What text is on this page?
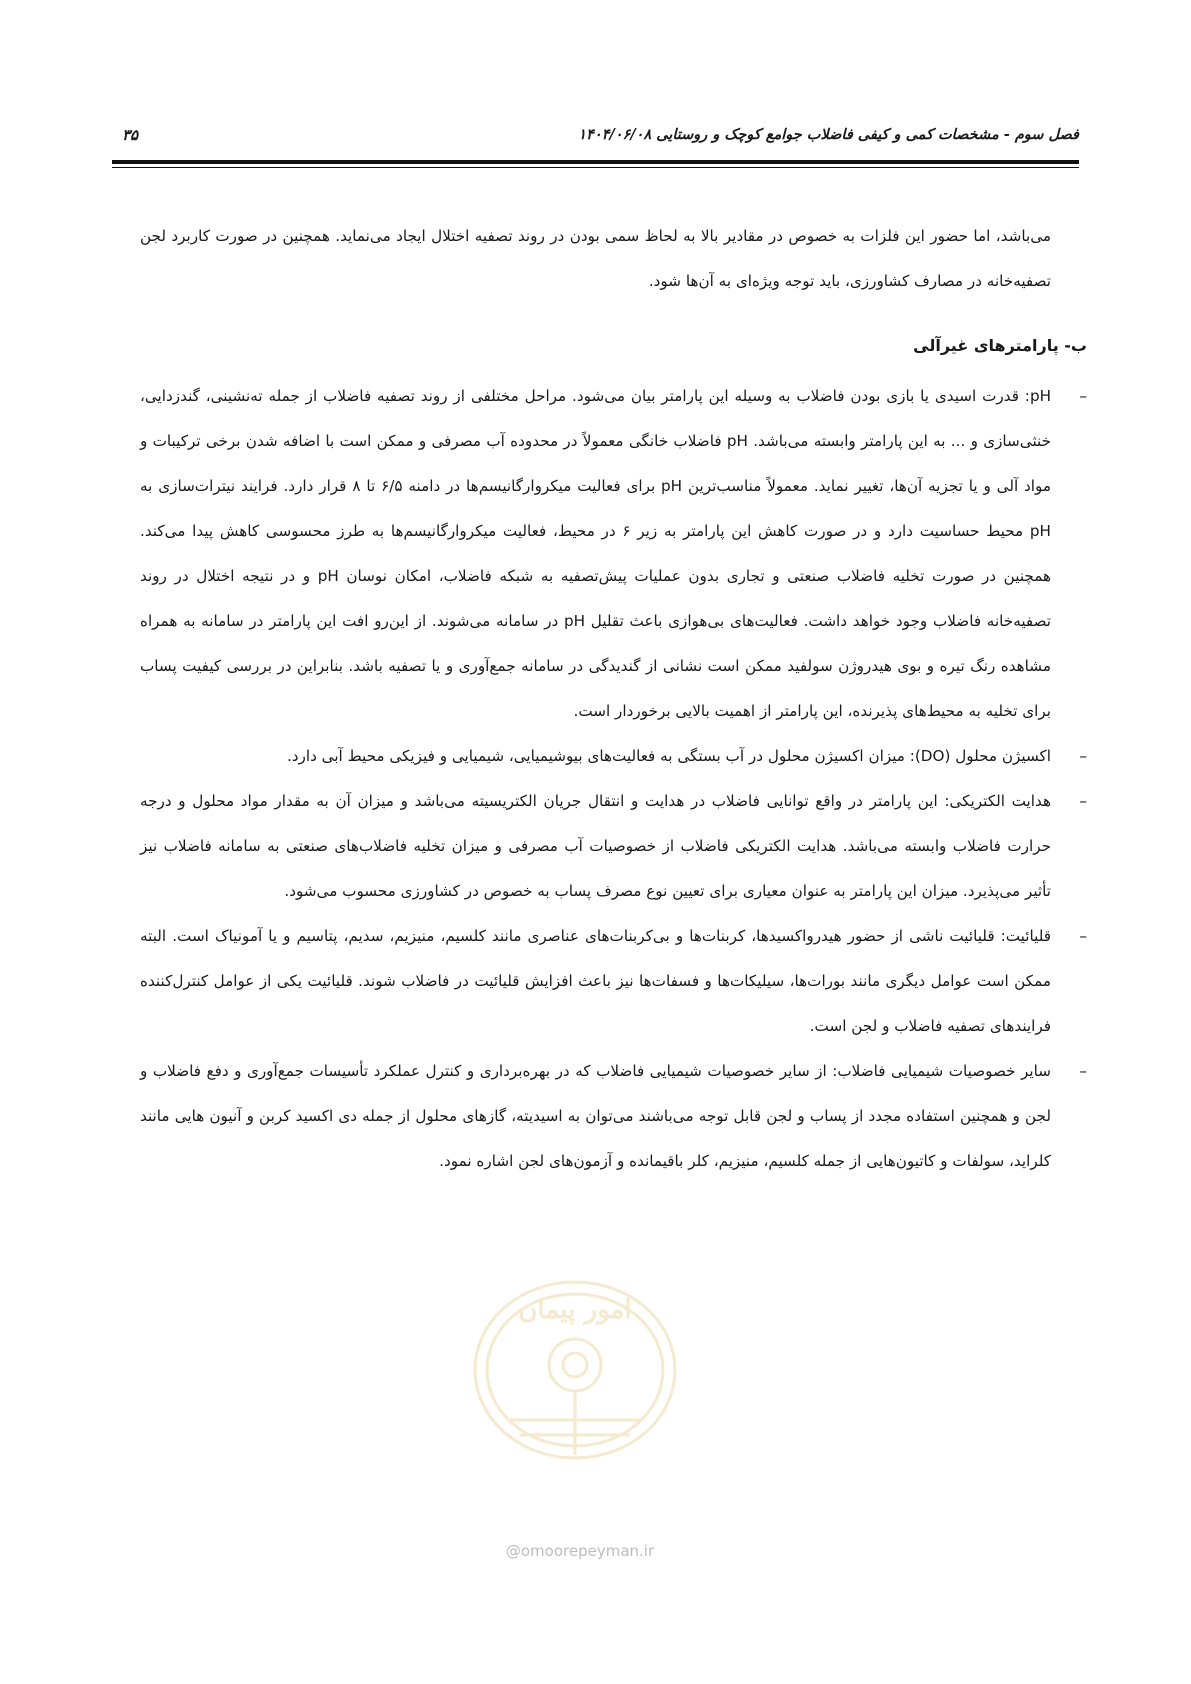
فصل سوم - مشخصات کمی و کیفی فاضلاب جوامع کوچک و روستایی ۱۴۰۴/۰۶/۰۸
۳۵

می‌باشد، اما حضور این فلزات به خصوص در مقادیر بالا به لحاظ سمی بودن در روند تصفیه اختلال ایجاد می‌نماید. همچنین در صورت کاربرد لجن تصفیه‌خانه در مصارف کشاورزی، باید توجه ویژه‌ای به آن‌ها شود.

ب- پارامترهای غیرآلی
–
pH: قدرت اسیدی یا بازی بودن فاضلاب به وسیله این پارامتر بیان می‌شود. مراحل مختلفی از روند تصفیه فاضلاب از جمله ته‌نشینی، گندزدایی، خنثی‌سازی و ... به این پارامتر وابسته می‌باشد. pH فاضلاب خانگی معمولاً در محدوده آب مصرفی و ممکن است با اضافه شدن برخی ترکیبات و مواد آلی و یا تجزیه آن‌ها، تغییر نماید. معمولاً مناسب‌ترین pH برای فعالیت میکروارگانیسم‌ها در دامنه ۶/۵ تا ۸ قرار دارد. فرایند نیترات‌سازی به pH محیط حساسیت دارد و در صورت کاهش این پارامتر به زیر ۶ در محیط، فعالیت میکروارگانیسم‌ها به طرز محسوسی کاهش پیدا می‌کند. همچنین در صورت تخلیه فاضلاب صنعتی و تجاری بدون عملیات پیش‌تصفیه به شبکه فاضلاب، امکان نوسان pH و در نتیجه اختلال در روند تصفیه‌خانه فاضلاب وجود خواهد داشت. فعالیت‌های بی‌هوازی باعث تقلیل pH در سامانه می‌شوند. از این‌رو افت این پارامتر در سامانه به همراه مشاهده رنگ تیره و بوی هیدروژن سولفید ممکن است نشانی از گندیدگی در سامانه جمع‌آوری و یا تصفیه باشد. بنابراین در بررسی کیفیت پساب برای تخلیه به محیط‌های پذیرنده، این پارامتر از اهمیت بالایی برخوردار است.
–
اکسیژن محلول (DO): میزان اکسیژن محلول در آب بستگی به فعالیت‌های بیوشیمیایی، شیمیایی و فیزیکی محیط آبی دارد.
–
هدایت الکتریکی: این پارامتر در واقع توانایی فاضلاب در هدایت و انتقال جریان الکتریسیته می‌باشد و میزان آن به مقدار مواد محلول و درجه حرارت فاضلاب وابسته می‌باشد. هدایت الکتریکی فاضلاب از خصوصیات آب مصرفی و میزان تخلیه فاضلاب‌های صنعتی به سامانه فاضلاب نیز تأثیر می‌پذیرد. میزان این پارامتر به عنوان معیاری برای تعیین نوع مصرف پساب به خصوص در کشاورزی محسوب می‌شود.
–
قلیائیت: قلیائیت ناشی از حضور هیدرواکسیدها، کربنات‌ها و بی‌کربنات‌های عناصری مانند کلسیم، منیزیم، سدیم، پتاسیم و یا آمونیاک است. البته ممکن است عوامل دیگری مانند بورات‌ها، سیلیکات‌ها و فسفات‌ها نیز باعث افزایش قلیائیت در فاضلاب شوند. قلیائیت یکی از عوامل کنترل‌کننده فرایندهای تصفیه فاضلاب و لجن است.
–
سایر خصوصیات شیمیایی فاضلاب: از سایر خصوصیات شیمیایی فاضلاب که در بهره‌برداری و کنترل عملکرد تأسیسات جمع‌آوری و دفع فاضلاب و لجن و همچنین استفاده مجدد از پساب و لجن قابل توجه می‌باشند می‌توان به اسیدیته، گازهای محلول از جمله دی اکسید کربن و آنیون هایی مانند کلراید، سولفات و کاتیون‌هایی از جمله کلسیم، منیزیم، کلر باقیمانده و آزمون‌های لجن اشاره نمود.
امور پیمان
@omoorepeyman.ir
